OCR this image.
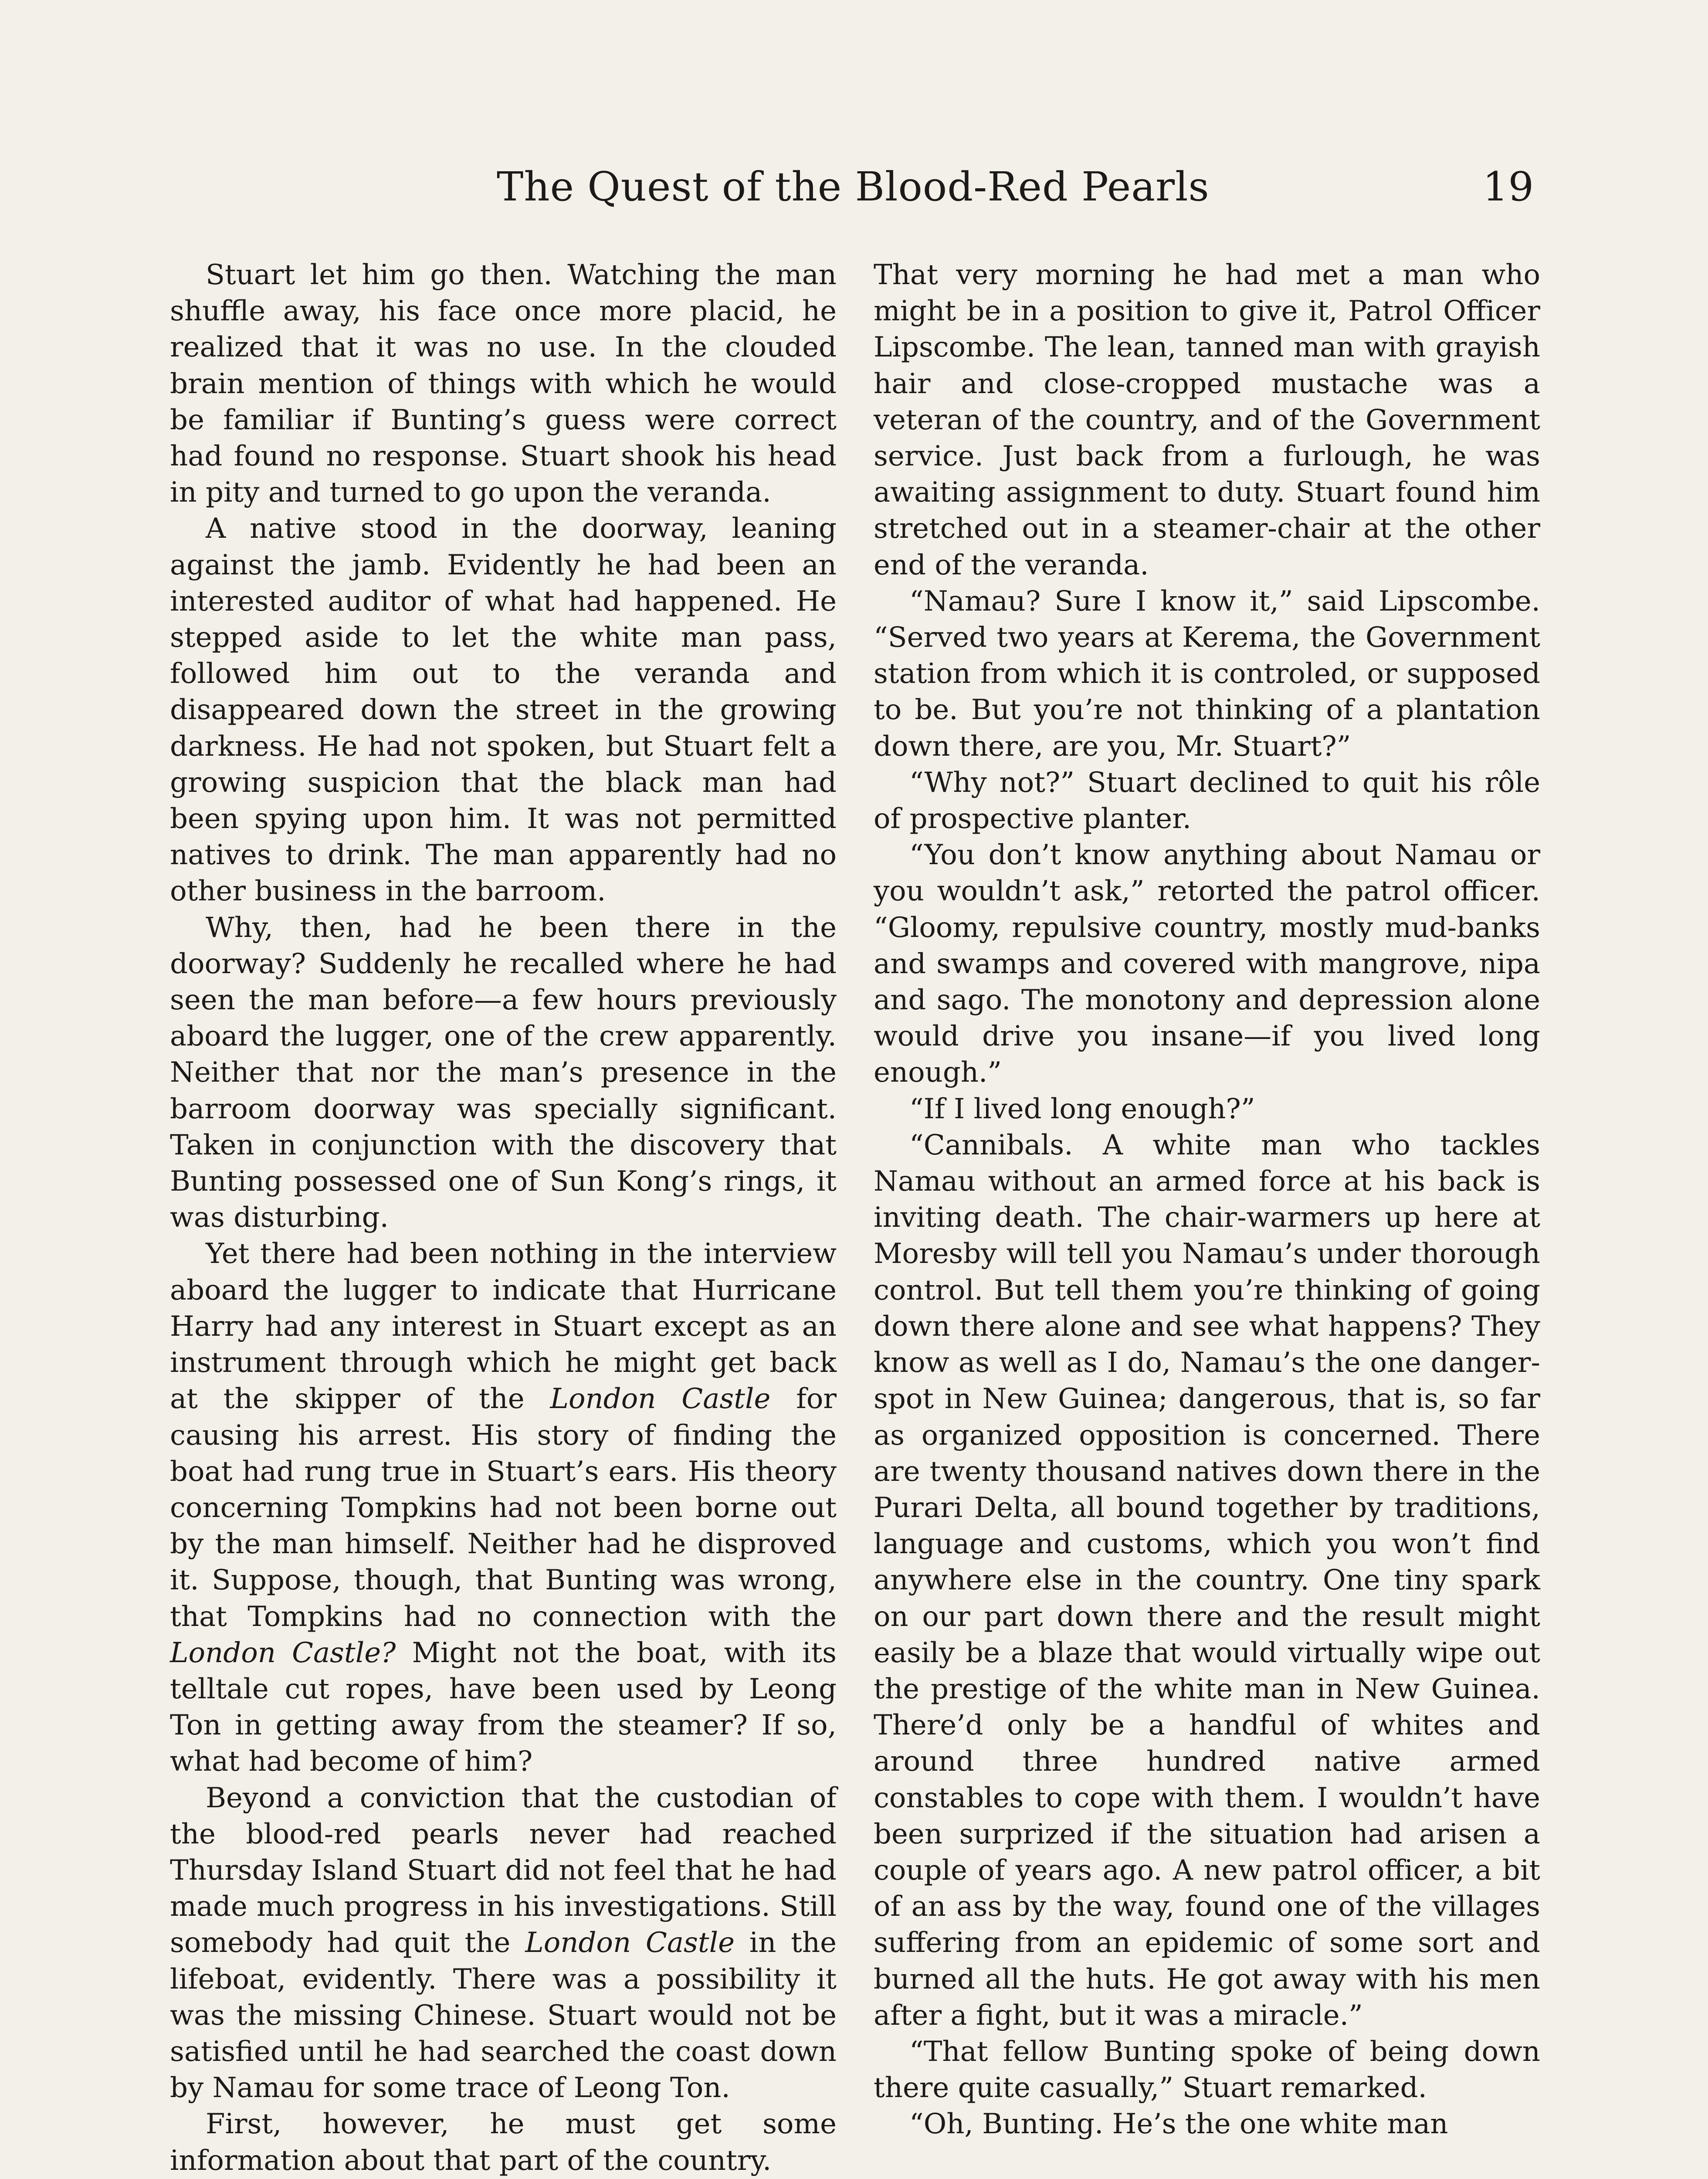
The Quest of the Blood-Red Pearls	19

Stuart let him go then. Watching the man shuffle away, his face once more placid, he realized that it was no use. In the clouded brain mention of things with which he would be familiar if Bunting’s guess were correct had found no response. Stuart shook his head in pity and turned to go upon the veranda.

A native stood in the doorway, leaning against the jamb. Evidently he had been an interested auditor of what had happened. He stepped aside to let the white man pass, followed him out to the veranda and disappeared down the street in the growing darkness. He had not spoken, but Stuart felt a growing suspicion that the black man had been spying upon him. It was not permitted natives to drink. The man apparently had no other business in the barroom.

Why, then, had he been there in the doorway? Suddenly he recalled where he had seen the man before—a few hours previously aboard the lugger, one of the crew apparently. Neither that nor the man’s presence in the barroom doorway was specially significant. Taken in conjunction with the discovery that Bunting possessed one of Sun Kong’s rings, it was disturbing.

Yet there had been nothing in the interview aboard the lugger to indicate that Hurricane Harry had any interest in Stuart except as an instrument through which he might get back at the skipper of the London Castle for causing his arrest. His story of finding the boat had rung true in Stuart’s ears. His theory concerning Tompkins had not been borne out by the man himself. Neither had he disproved it. Suppose, though, that Bunting was wrong, that Tompkins had no connection with the London Castle? Might not the boat, with its telltale cut ropes, have been used by Leong Ton in getting away from the steamer? If so, what had become of him?

Beyond a conviction that the custodian of the blood-red pearls never had reached Thursday Island Stuart did not feel that he had made much progress in his investigations. Still somebody had quit the London Castle in the lifeboat, evidently. There was a possibility it was the missing Chinese. Stuart would not be satisfied until he had searched the coast down by Namau for some trace of Leong Ton.

First, however, he must get some information about that part of the country.

That very morning he had met a man who might be in a position to give it, Patrol Officer Lipscombe. The lean, tanned man with grayish hair and close-cropped mustache was a veteran of the country, and of the Government service. Just back from a furlough, he was awaiting assignment to duty. Stuart found him stretched out in a steamer-chair at the other end of the veranda.

“Namau? Sure I know it,” said Lipscombe. “Served two years at Kerema, the Government station from which it is controled, or supposed to be. But you’re not thinking of a plantation down there, are you, Mr. Stuart?”

“Why not?” Stuart declined to quit his rôle of prospective planter.

“You don’t know anything about Namau or you wouldn’t ask,” retorted the patrol officer. “Gloomy, repulsive country, mostly mud-banks and swamps and covered with mangrove, nipa and sago. The monotony and depression alone would drive you insane—if you lived long enough.”

“If I lived long enough?”

“Cannibals. A white man who tackles Namau without an armed force at his back is inviting death. The chair-warmers up here at Moresby will tell you Namau’s under thorough control. But tell them you’re thinking of going down there alone and see what happens? They know as well as I do, Namau’s the one danger-spot in New Guinea; dangerous, that is, so far as organized opposition is concerned. There are twenty thousand natives down there in the Purari Delta, all bound together by traditions, language and customs, which you won’t find anywhere else in the country. One tiny spark on our part down there and the result might easily be a blaze that would virtually wipe out the prestige of the white man in New Guinea. There’d only be a handful of whites and around three hundred native armed constables to cope with them. I wouldn’t have been surprized if the situation had arisen a couple of years ago. A new patrol officer, a bit of an ass by the way, found one of the villages suffering from an epidemic of some sort and burned all the huts. He got away with his men after a fight, but it was a miracle.”

“That fellow Bunting spoke of being down there quite casually,” Stuart remarked.

“Oh, Bunting. He’s the one white man
